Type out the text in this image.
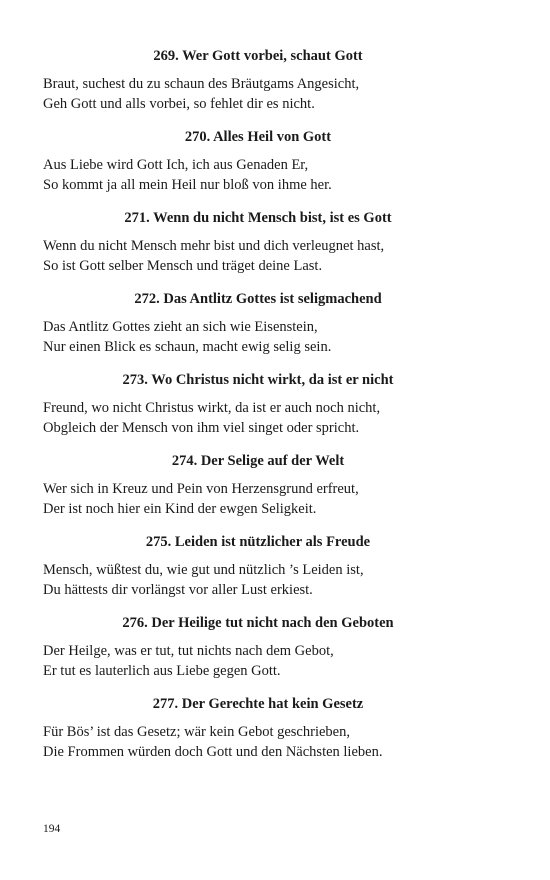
269. Wer Gott vorbei, schaut Gott
Braut, suchest du zu schaun des Bräutgams Angesicht,
Geh Gott und alls vorbei, so fehlet dir es nicht.
270. Alles Heil von Gott
Aus Liebe wird Gott Ich, ich aus Genaden Er,
So kommt ja all mein Heil nur bloß von ihme her.
271. Wenn du nicht Mensch bist, ist es Gott
Wenn du nicht Mensch mehr bist und dich verleugnet hast,
So ist Gott selber Mensch und träget deine Last.
272. Das Antlitz Gottes ist seligmachend
Das Antlitz Gottes zieht an sich wie Eisenstein,
Nur einen Blick es schaun, macht ewig selig sein.
273. Wo Christus nicht wirkt, da ist er nicht
Freund, wo nicht Christus wirkt, da ist er auch noch nicht,
Obgleich der Mensch von ihm viel singet oder spricht.
274. Der Selige auf der Welt
Wer sich in Kreuz und Pein von Herzensgrund erfreut,
Der ist noch hier ein Kind der ewgen Seligkeit.
275. Leiden ist nützlicher als Freude
Mensch, wüßtest du, wie gut und nützlich ’s Leiden ist,
Du hättests dir vorlängst vor aller Lust erkiest.
276. Der Heilige tut nicht nach den Geboten
Der Heilge, was er tut, tut nichts nach dem Gebot,
Er tut es lauterlich aus Liebe gegen Gott.
277. Der Gerechte hat kein Gesetz
Für Bös’ ist das Gesetz; wär kein Gebot geschrieben,
Die Frommen würden doch Gott und den Nächsten lieben.
194
